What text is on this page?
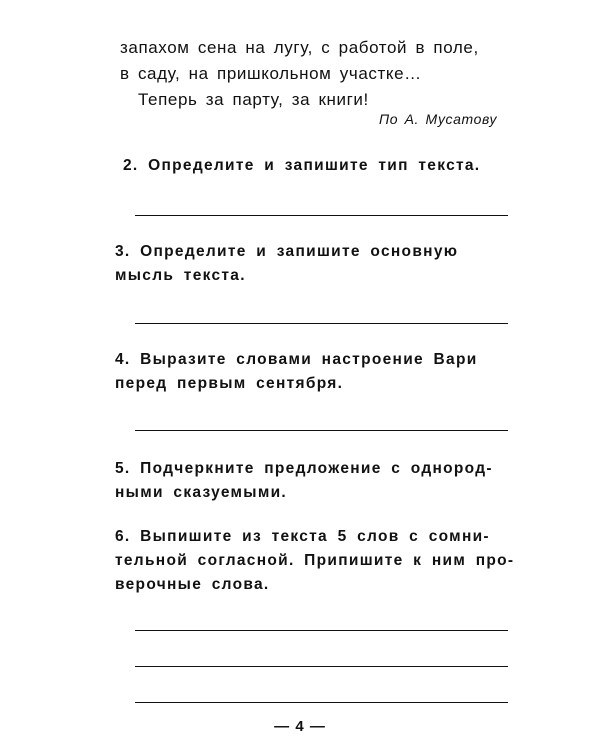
запахом сена на лугу, с работой в поле,

в саду, на пришкольном участке…

Теперь за парту, за книги!

По А. Мусатову

2. Определите и запишите тип текста.

3. Определите и запишите основную

мысль текста.

4. Выразите словами настроение Вари

перед первым сентября.

5. Подчеркните предложение с однород-

ными сказуемыми.

6. Выпишите из текста 5 слов с сомни-

тельной согласной. Припишите к ним про-

верочные слова.

— 4 —
